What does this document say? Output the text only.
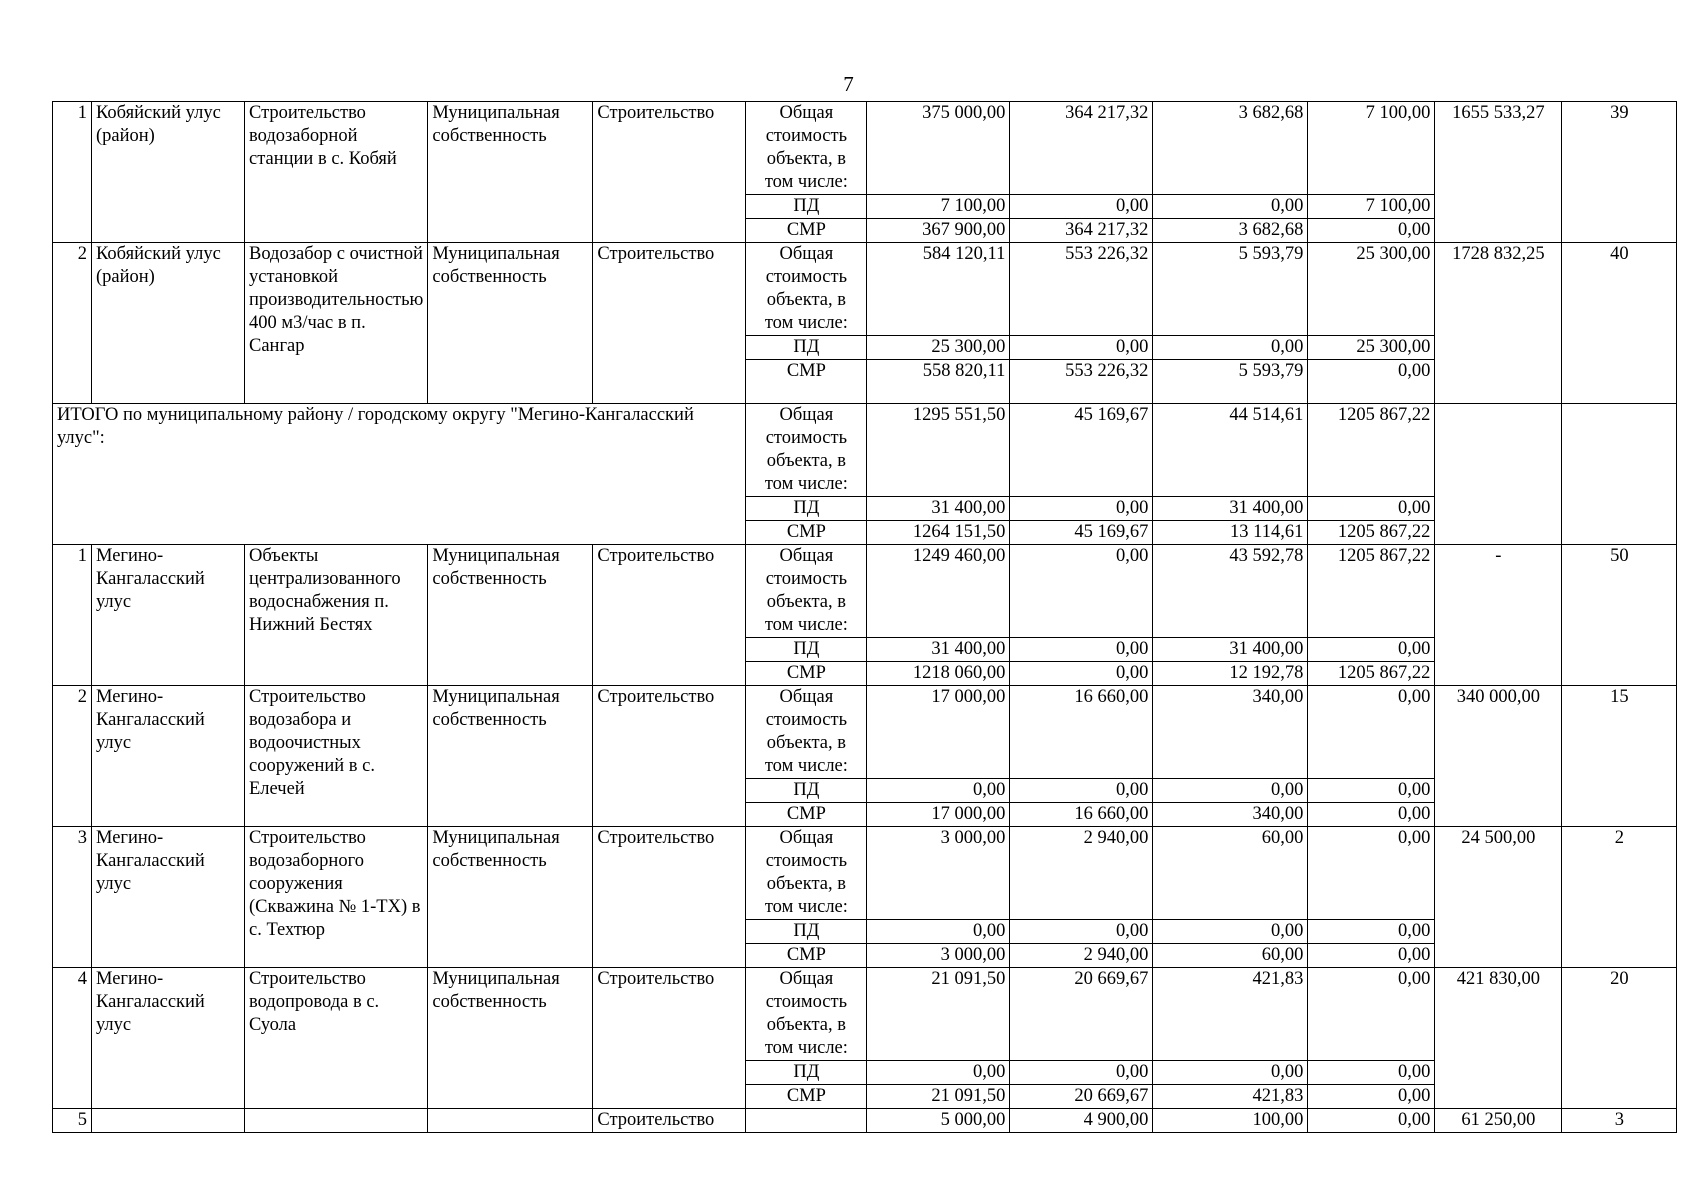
7
1	Кобяйский улус (район)	Строительство водозаборной станции в с. Кобяй	Муниципальная собственность	Строительство	Общая стоимость объекта, в том числе:	375 000,00	364 217,32	3 682,68	7 100,00	1655 533,27	39
					ПД	7 100,00	0,00	0,00	7 100,00		
					СМР	367 900,00	364 217,32	3 682,68	0,00		
2	Кобяйский улус (район)	Водозабор с очистной установкой производительностью 400 м3/час в п. Сангар	Муниципальная собственность	Строительство	Общая стоимость объекта, в том числе:	584 120,11	553 226,32	5 593,79	25 300,00	1728 832,25	40
					ПД	25 300,00	0,00	0,00	25 300,00		
					СМР	558 820,11	553 226,32	5 593,79	0,00		
ИТОГО по муниципальному району / городскому округу "Мегино-Кангаласский улус":					Общая стоимость объекта, в том числе:	1295 551,50	45 169,67	44 514,61	1205 867,22		
					ПД	31 400,00	0,00	31 400,00	0,00		
					СМР	1264 151,50	45 169,67	13 114,61	1205 867,22		
1	Мегино-Кангаласский улус	Объекты централизованного водоснабжения п. Нижний Бестях	Муниципальная собственность	Строительство	Общая стоимость объекта, в том числе:	1249 460,00	0,00	43 592,78	1205 867,22	-	50
					ПД	31 400,00	0,00	31 400,00	0,00		
					СМР	1218 060,00	0,00	12 192,78	1205 867,22		
2	Мегино-Кангаласский улус	Строительство водозабора и водоочистных сооружений в с. Елечей	Муниципальная собственность	Строительство	Общая стоимость объекта, в том числе:	17 000,00	16 660,00	340,00	0,00	340 000,00	15
					ПД	0,00	0,00	0,00	0,00		
					СМР	17 000,00	16 660,00	340,00	0,00		
3	Мегино-Кангаласский улус	Строительство водозаборного сооружения (Скважина № 1-ТХ) в с. Техтюр	Муниципальная собственность	Строительство	Общая стоимость объекта, в том числе:	3 000,00	2 940,00	60,00	0,00	24 500,00	2
					ПД	0,00	0,00	0,00	0,00		
					СМР	3 000,00	2 940,00	60,00	0,00		
4	Мегино-Кангаласский улус	Строительство водопровода в с. Суола	Муниципальная собственность	Строительство	Общая стоимость объекта, в том числе:	21 091,50	20 669,67	421,83	0,00	421 830,00	20
					ПД	0,00	0,00	0,00	0,00		
					СМР	21 091,50	20 669,67	421,83	0,00		
5				Строительство		5 000,00	4 900,00	100,00	0,00	61 250,00	3
